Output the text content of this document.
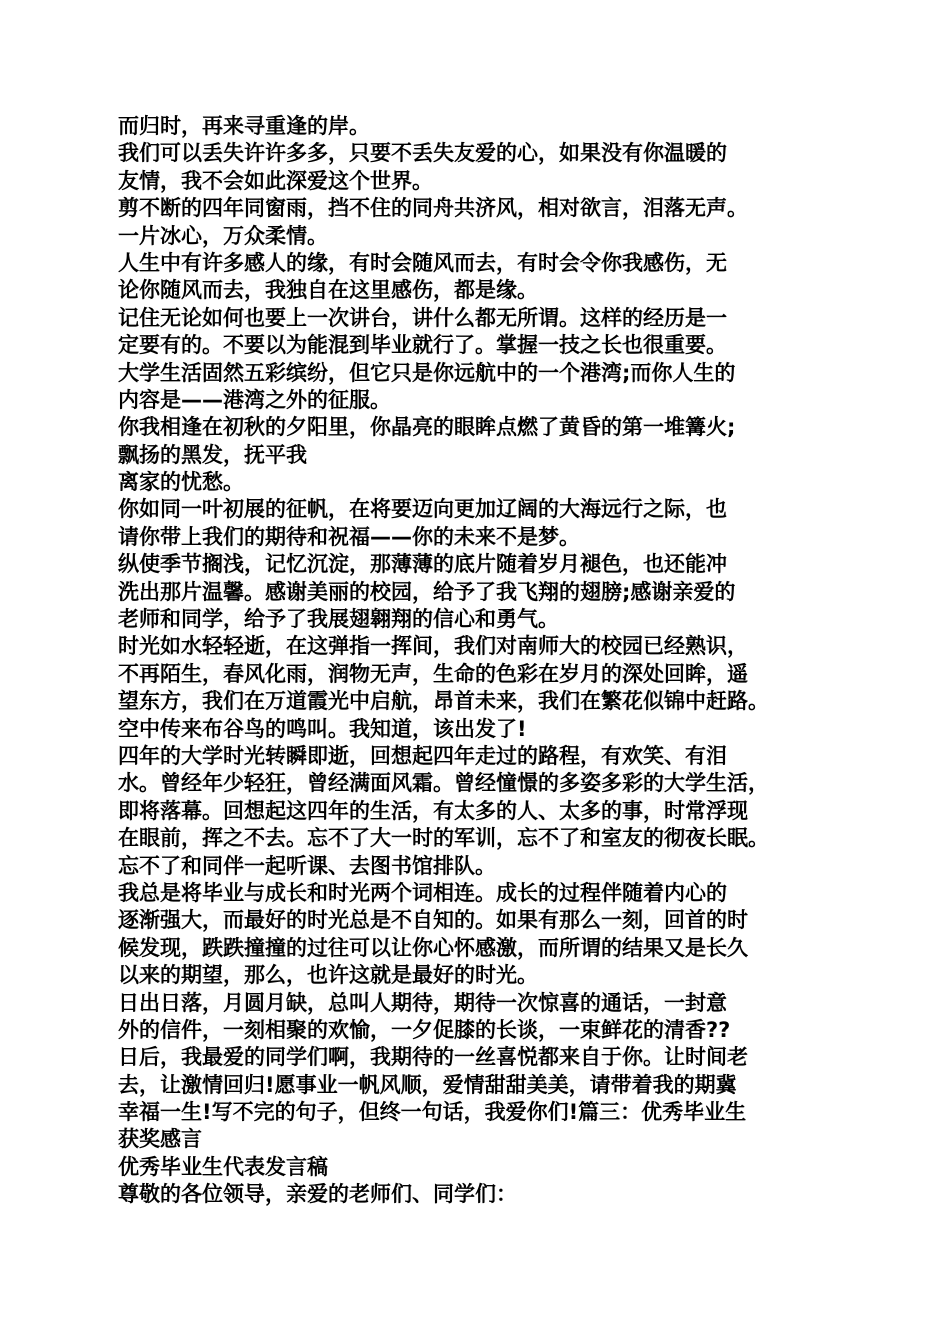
而归时，再来寻重逢的岸。
我们可以丢失许许多多，只要不丢失友爱的心，如果没有你温暖的
友情，我不会如此深爱这个世界。
剪不断的四年同窗雨，挡不住的同舟共济风，相对欲言，泪落无声。
一片冰心，万众柔情。
人生中有许多感人的缘，有时会随风而去，有时会令你我感伤，无
论你随风而去，我独自在这里感伤，都是缘。
记住无论如何也要上一次讲台，讲什么都无所谓。这样的经历是一
定要有的。不要以为能混到毕业就行了。掌握一技之长也很重要。
大学生活固然五彩缤纷，但它只是你远航中的一个港湾;而你人生的
内容是——港湾之外的征服。
你我相逢在初秋的夕阳里，你晶亮的眼眸点燃了黄昏的第一堆篝火;
飘扬的黑发，抚平我
离家的忧愁。
你如同一叶初展的征帆，在将要迈向更加辽阔的大海远行之际，也
请你带上我们的期待和祝福——你的未来不是梦。
纵使季节搁浅，记忆沉淀，那薄薄的底片随着岁月褪色，也还能冲
洗出那片温馨。感谢美丽的校园，给予了我飞翔的翅膀;感谢亲爱的
老师和同学，给予了我展翅翱翔的信心和勇气。
时光如水轻轻逝，在这弹指一挥间，我们对南师大的校园已经熟识，
不再陌生，春风化雨，润物无声，生命的色彩在岁月的深处回眸，遥
望东方，我们在万道霞光中启航，昂首未来，我们在繁花似锦中赶路。
空中传来布谷鸟的鸣叫。我知道，该出发了!
四年的大学时光转瞬即逝，回想起四年走过的路程，有欢笑、有泪
水。曾经年少轻狂，曾经满面风霜。曾经憧憬的多姿多彩的大学生活，
即将落幕。回想起这四年的生活，有太多的人、太多的事，时常浮现
在眼前，挥之不去。忘不了大一时的军训，忘不了和室友的彻夜长眠。
忘不了和同伴一起听课、去图书馆排队。
我总是将毕业与成长和时光两个词相连。成长的过程伴随着内心的
逐渐强大，而最好的时光总是不自知的。如果有那么一刻，回首的时
候发现，跌跌撞撞的过往可以让你心怀感激，而所谓的结果又是长久
以来的期望，那么，也许这就是最好的时光。
日出日落，月圆月缺，总叫人期待，期待一次惊喜的通话，一封意
外的信件，一刻相聚的欢愉，一夕促膝的长谈，一束鲜花的清香??
日后，我最爱的同学们啊，我期待的一丝喜悦都来自于你。让时间老
去，让激情回归!愿事业一帆风顺，爱情甜甜美美，请带着我的期冀
幸福一生!写不完的句子，但终一句话，我爱你们!篇三：优秀毕业生
获奖感言
优秀毕业生代表发言稿
尊敬的各位领导，亲爱的老师们、同学们：
